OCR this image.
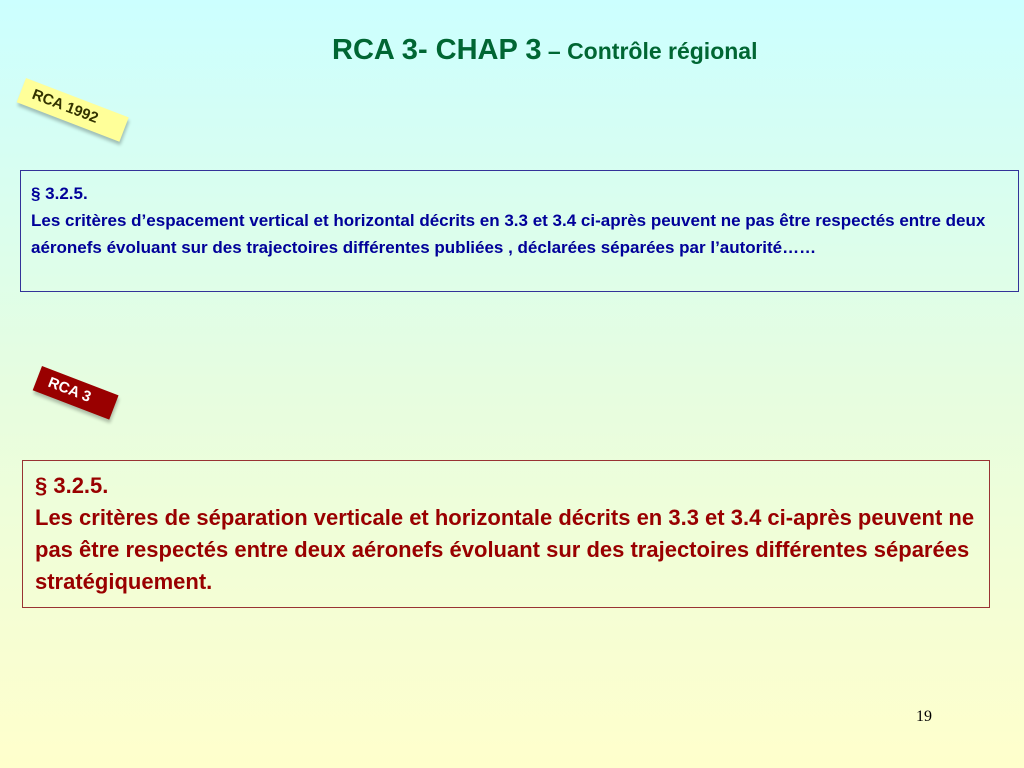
RCA 3- CHAP 3 – Contrôle régional
RCA 1992

§ 3.2.5.

Les critères d’espacement vertical et horizontal décrits en 3.3 et 3.4 ci-après peuvent ne pas être respectés entre deux aéronefs évoluant sur des trajectoires différentes publiées , déclarées séparées par l’autorité……

RCA 3

§ 3.2.5.

Les critères de séparation verticale et horizontale décrits en 3.3 et 3.4 ci-après peuvent ne pas être respectés entre deux aéronefs évoluant sur des trajectoires différentes séparées stratégiquement.

19
